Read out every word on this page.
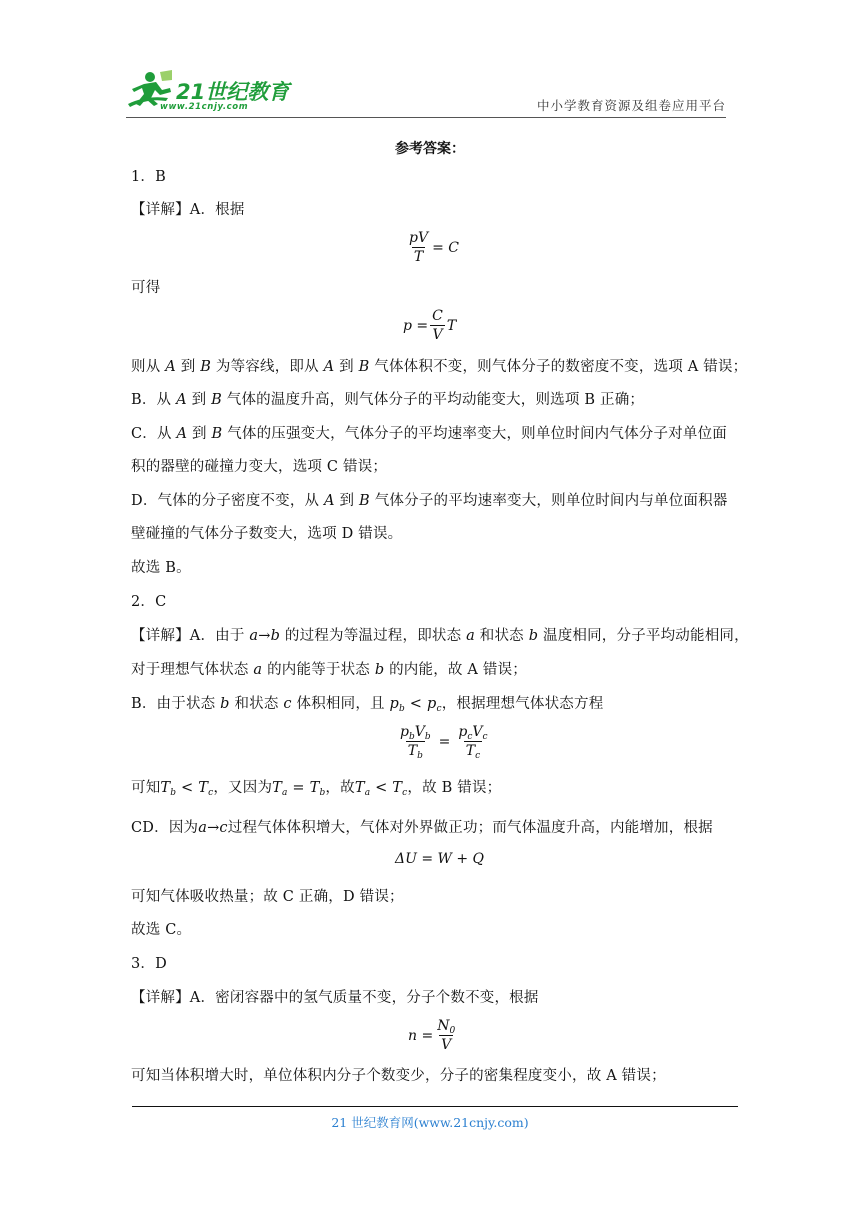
21世纪教育
www.21cnjy.com	中小学教育资源及组卷应用平台
参考答案：
1．B
【详解】A．根据
$\frac{pV}{T} = C$
可得
$p = \frac{C}{V}$ T
则从 A 到 B 为等容线，即从 A 到 B 气体体积不变，则气体分子的数密度不变，选项 A 错误；
B．从 A 到 B 气体的温度升高，则气体分子的平均动能变大，则选项 B 正确；
C．从 A 到 B 气体的压强变大，气体分子的平均速率变大，则单位时间内气体分子对单位面
积的器壁的碰撞力变大，选项 C 错误；
D．气体的分子密度不变，从 A 到 B 气体分子的平均速率变大，则单位时间内与单位面积器
壁碰撞的气体分子数变大，选项 D 错误。
故选 B。
2．C
【详解】A．由于 a→b 的过程为等温过程，即状态 a 和状态 b 温度相同，分子平均动能相同，
对于理想气体状态 a 的内能等于状态 b 的内能，故 A 错误；
B．由于状态 b 和状态 c 体积相同，且 $p_b < p_c$，根据理想气体状态方程
$\frac{p_bV_b}{T_b} = \frac{p_cV_c}{T_c}$
可知$T_b < T_c$，又因为$T_a = T_b$，故$T_a < T_c$，故 B 错误；
CD．因为a→c过程气体体积增大，气体对外界做正功；而气体温度升高，内能增加，根据
ΔU = W + Q
可知气体吸收热量；故 C 正确，D 错误；
故选 C。
3．D
【详解】A．密闭容器中的氢气质量不变，分子个数不变，根据
$n = \frac{N_0}{V}$
可知当体积增大时，单位体积内分子个数变少，分子的密集程度变小，故 A 错误；
21 世纪教育网(www.21cnjy.com)
